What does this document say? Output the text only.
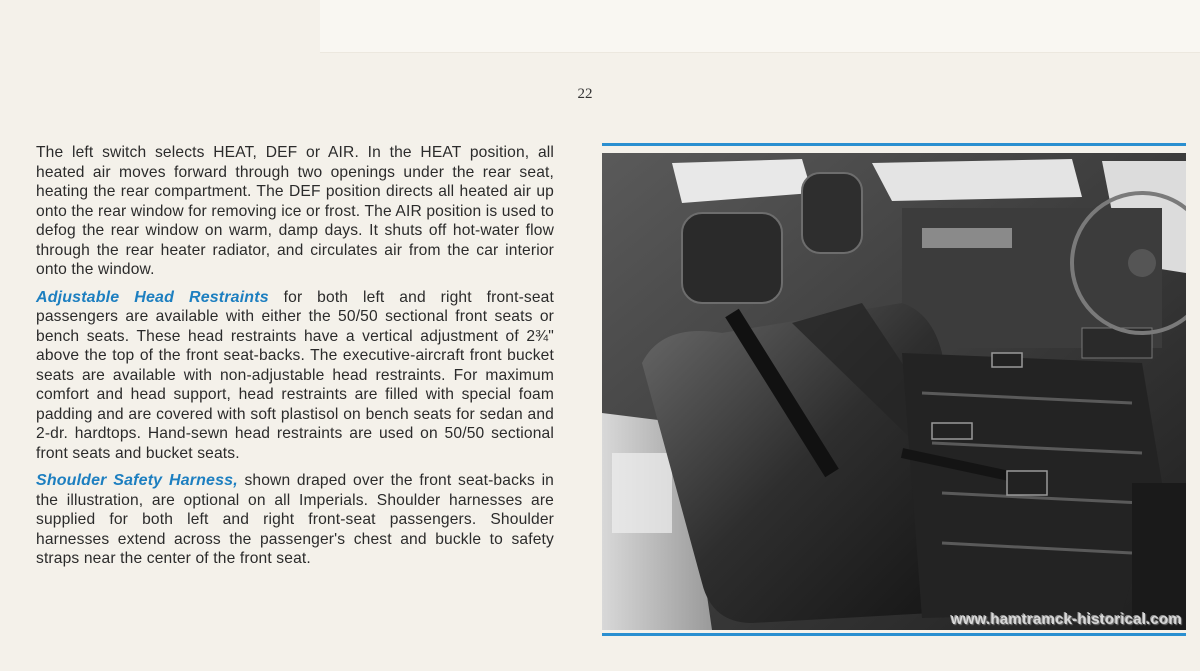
22

The left switch selects HEAT, DEF or AIR. In the HEAT position, all heated air moves forward through two openings under the rear seat, heating the rear compartment. The DEF position directs all heated air up onto the rear window for removing ice or frost. The AIR position is used to defog the rear window on warm, damp days. It shuts off hot-water flow through the rear heater radiator, and circulates air from the car interior onto the window.

Adjustable Head Restraints for both left and right front-seat passengers are available with either the 50/50 sectional front seats or bench seats. These head restraints have a vertical adjustment of 2¾" above the top of the front seat-backs. The executive-aircraft front bucket seats are available with non-adjustable head restraints. For maximum comfort and head support, head restraints are filled with special foam padding and are covered with soft plastisol on bench seats for sedan and 2-dr. hardtops. Hand-sewn head restraints are used on 50/50 sectional front seats and bucket seats.

Shoulder Safety Harness, shown draped over the front seat-backs in the illustration, are optional on all Imperials. Shoulder harnesses are supplied for both left and right front-seat passengers. Shoulder harnesses extend across the passenger's chest and buckle to safety straps near the center of the front seat.

www.hamtramck-historical.com
